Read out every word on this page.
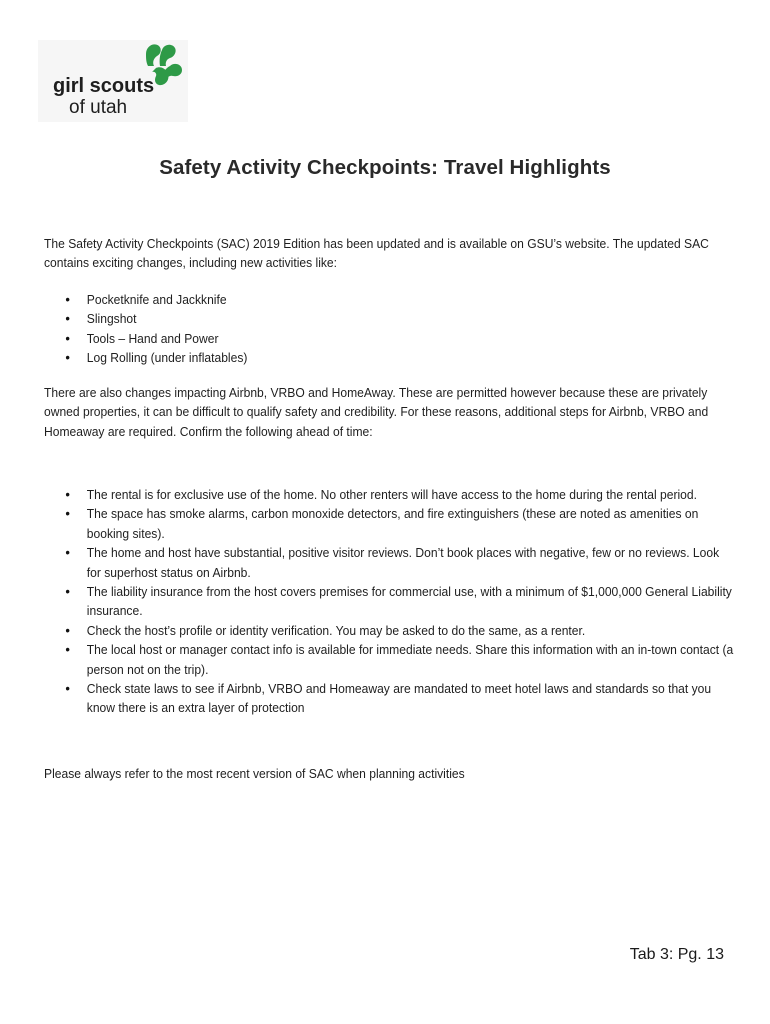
girl scouts
of utah
Safety Activity Checkpoints: Travel Highlights
The Safety Activity Checkpoints (SAC) 2019 Edition has been updated and is available on GSU’s website. The updated SAC contains exciting changes, including new activities like:
• Pocketknife and Jackknife
• Slingshot
• Tools – Hand and Power
• Log Rolling (under inflatables)
There are also changes impacting Airbnb, VRBO and HomeAway. These are permitted however because these are privately owned properties, it can be difficult to qualify safety and credibility. For these reasons, additional steps for Airbnb, VRBO and Homeaway are required. Confirm the following ahead of time:
• The rental is for exclusive use of the home. No other renters will have access to the home during the rental period.
• The space has smoke alarms, carbon monoxide detectors, and fire extinguishers (these are noted as amenities on booking sites).
• The home and host have substantial, positive visitor reviews. Don’t book places with negative, few or no reviews. Look for superhost status on Airbnb.
• The liability insurance from the host covers premises for commercial use, with a minimum of $1,000,000 General Liability insurance.
• Check the host’s profile or identity verification. You may be asked to do the same, as a renter.
• The local host or manager contact info is available for immediate needs. Share this information with an in-town contact (a person not on the trip).
• Check state laws to see if Airbnb, VRBO and Homeaway are mandated to meet hotel laws and standards so that you know there is an extra layer of protection
Please always refer to the most recent version of SAC when planning activities
Tab 3: Pg. 13
